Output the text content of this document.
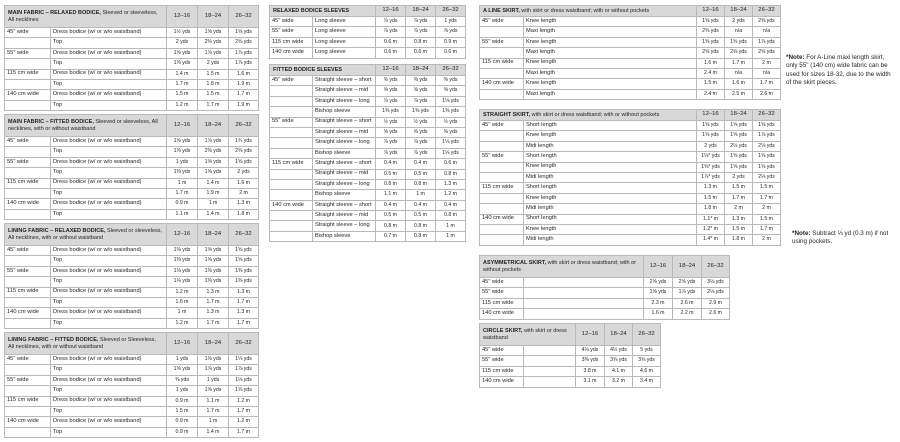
MAIN FABRIC – RELAXED BODICE, Sleeved or sleeveless, All necklines		12–16	18–24	26–32
45" wide	Dress bodice (w/ or w/o waistband)	1½ yds	1⅝ yds	1⅝ yds
	Top	2 yds	2⅜ yds	2⅝ yds
55" wide	Dress bodice (w/ or w/o waistband)	1⅝ yds	1⅞ yds	1⅞ yds
	Top	1⅝ yds	2 yds	1⅞ yds
115 cm wide	Dress bodice (w/ or w/o waistband)	1.4 m	1.5 m	1.6 m
	Top	1.7 m	1.8 m	1.9 m
140 cm wide	Dress bodice (w/ or w/o waistband)	1.5 m	1.5 m	1.7 m
	Top	1.2 m	1.7 m	1.9 m
MAIN FABRIC – FITTED BODICE, Sleeved or sleeveless, All necklines, with or without waistband		12–16	18–24	26–32
45" wide	Dress bodice (w/ or w/o waistband)	1⅝ yds	1⅞ yds	1¾ yds
	Top	1⅝ yds	2⅜ yds	2⅝ yds
55" wide	Dress bodice (w/ or w/o waistband)	1 yds	1⅝ yds	1⅝ yds
	Top	1⅜ yds	1⅝ yds	2 yds
115 cm wide	Dress bodice (w/ or w/o waistband)	1 m	1.4 m	1.6 m
	Top	1.7 m	1.9 m	2 m
140 cm wide	Dress bodice (w/ or w/o waistband)	0.9 m	1 m	1.3 m
	Top	1.1 m	1.4 m	1.8 m
LINING FABRIC – RELAXED BODICE, Sleeved or sleeveless, All necklines, with or without waistband		12–16	18–24	26–32
45" wide	Dress bodice (w/ or w/o waistband)	1⅜ yds	1⅝ yds	1⅝ yds
	Top	1⅜ yds	1⅝ yds	1⅝ yds
55" wide	Dress bodice (w/ or w/o waistband)	1⅛ yds	1⅜ yds	1⅜ yds
	Top	1⅛ yds	1⅜ yds	1⅜ yds
115 cm wide	Dress bodice (w/ or w/o waistband)	1.2 m	1.3 m	1.3 m
	Top	1.6 m	1.7 m	1.7 m
140 cm wide	Dress bodice (w/ or w/o waistband)	1 m	1.3 m	1.3 m
	Top	1.2 m	1.7 m	1.7 m
LINING FABRIC – FITTED BODICE, Sleeved or Sleeveless, All necklines, with or without waistband		12–16	18–24	26–32
45" wide	Dress bodice (w/ or w/o waistband)	1 yds	1⅛ yds	1⅛ yds
	Top	1⅝ yds	1⅞ yds	1⅞ yds
55" wide	Dress bodice (w/ or w/o waistband)	⅜ yds	1 yds	1⅛ yds
	Top	1 yds	1⅝ yds	1⅝ yds
115 cm wide	Dress bodice (w/ or w/o waistband)	0.9 m	1.1 m	1.2 m
	Top	1.5 m	1.7 m	1.7 m
140 cm wide	Dress bodice (w/ or w/o waistband)	0.9 m	1 m	1.2 m
	Top	0.9 m	1.4 m	1.7 m
RELAXED BODICE SLEEVES		12–16	18–24	26–32
45" wide	Long sleeve	⅞ yds	⅞ yds	1 yds
55" wide	Long sleeve	⅞ yds	⅞ yds	⅞ yds
115 cm wide	Long sleeve	0.6 m	0.8 m	0.9 m
140 cm wide	Long sleeve	0.6 m	0.6 m	0.6 m
FITTED BODICE SLEEVES		12–16	18–24	26–32
45" wide	Straight sleeve – short	⅜ yds	⅜ yds	⅜ yds
	Straight sleeve – mid	⅝ yds	⅝ yds	⅝ yds
	Straight sleeve – long	⅞ yds	⅞ yds	1⅛ yds
	Bishop sleeve	1⅜ yds	1⅜ yds	1⅜ yds
55" wide	Straight sleeve – short	½ yds	½ yds	½ yds
	Straight sleeve – mid	⅝ yds	⅝ yds	⅝ yds
	Straight sleeve – long	⅞ yds	⅞ yds	1⅛ yds
	Bishop sleeve	⅞ yds	⅞ yds	1⅛ yds
115 cm wide	Straight sleeve – short	0.4 m	0.4 m	0.6 m
	Straight sleeve – mid	0.5 m	0.5 m	0.8 m
	Straight sleeve – long	0.8 m	0.8 m	1.3 m
	Bishop sleeve	1.1 m	1 m	1.2 m
140 cm wide	Straight sleeve – short	0.4 m	0.4 m	0.4 m
	Straight sleeve – mid	0.5 m	0.5 m	0.8 m
	Straight sleeve – long	0.8 m	0.8 m	1 m
	Bishop sleeve	0.7 m	0.8 m	1 m
A LINE SKIRT, with skirt or dress waistband; with or without pockets		12–16	18–24	26–32
45" wide	Knee length	1⅝ yds	2 yds	2⅜ yds
	Maxi length	2⅜ yds	n/a	n/a
55" wide	Knee length	1⅝ yds	1⅝ yds	1⅞ yds
	Maxi length	2⅝ yds	2⅝ yds	2⅝ yds
115 cm wide	Knee length	1.6 m	1.7 m	2 m
	Maxi length	2.4 m	n/a	n/a
140 cm wide	Knee length	1.5 m	1.6 m	1.7 m
	Maxi length	2.4 m	2.5 m	2.6 m
STRAIGHT SKIRT, with skirt or dress waistband; with or without pockets		12–16	18–24	26–32
45" wide	Short length	1⅝ yds	1⅝ yds	1⅝ yds
	Knee length	1⅝ yds	1⅝ yds	1⅞ yds
	Midi length	2 yds	2⅛ yds	2⅛ yds
55" wide	Short length	1⅛* yds	1⅝ yds	1⅝ yds
	Knee length	1⅝* yds	1⅝ yds	1⅝ yds
	Midi length	1⅞* yds	2 yds	2⅛ yds
115 cm wide	Short length	1.3 m	1.5 m	1.5 m
	Knee length	1.5 m	1.7 m	1.7 m
	Midi length	1.8 m	2 m	2 m
140 cm wide	Short length	1.1* m	1.3 m	1.5 m
	Knee length	1.2* m	1.5 m	1.7 m
	Midi length	1.4* m	1.8 m	2 m
ASYMMETRICAL SKIRT, with skirt or dress waistband; with or without pockets		12–16	18–24	26–32
45" wide		2⅝ yds	2⅝ yds	3⅛ yds
55" wide		1⅝ yds	1⅞ yds	2⅛ yds
115 cm wide		2.3 m	2.6 m	2.9 m
140 cm wide		1.6 m	2.2 m	2.6 m
CIRCLE SKIRT, with skirt or dress waistband		12–16	18–24	26–32
45" wide		4⅛ yds	4½ yds	5 yds
55" wide		3⅜ yds	3⅝ yds	3⅝ yds
115 cm wide		3.8 m	4.1 m	4.6 m
140 cm wide		3.1 m	3.2 m	3.4 m

*Note: For A-Line maxi length skirt, only 55" (140 cm) wide fabric can be used for sizes 18-32, due to the width of the skirt pieces.

*Note: Subtract ⅓ yd (0.3 m) if not using pockets.
